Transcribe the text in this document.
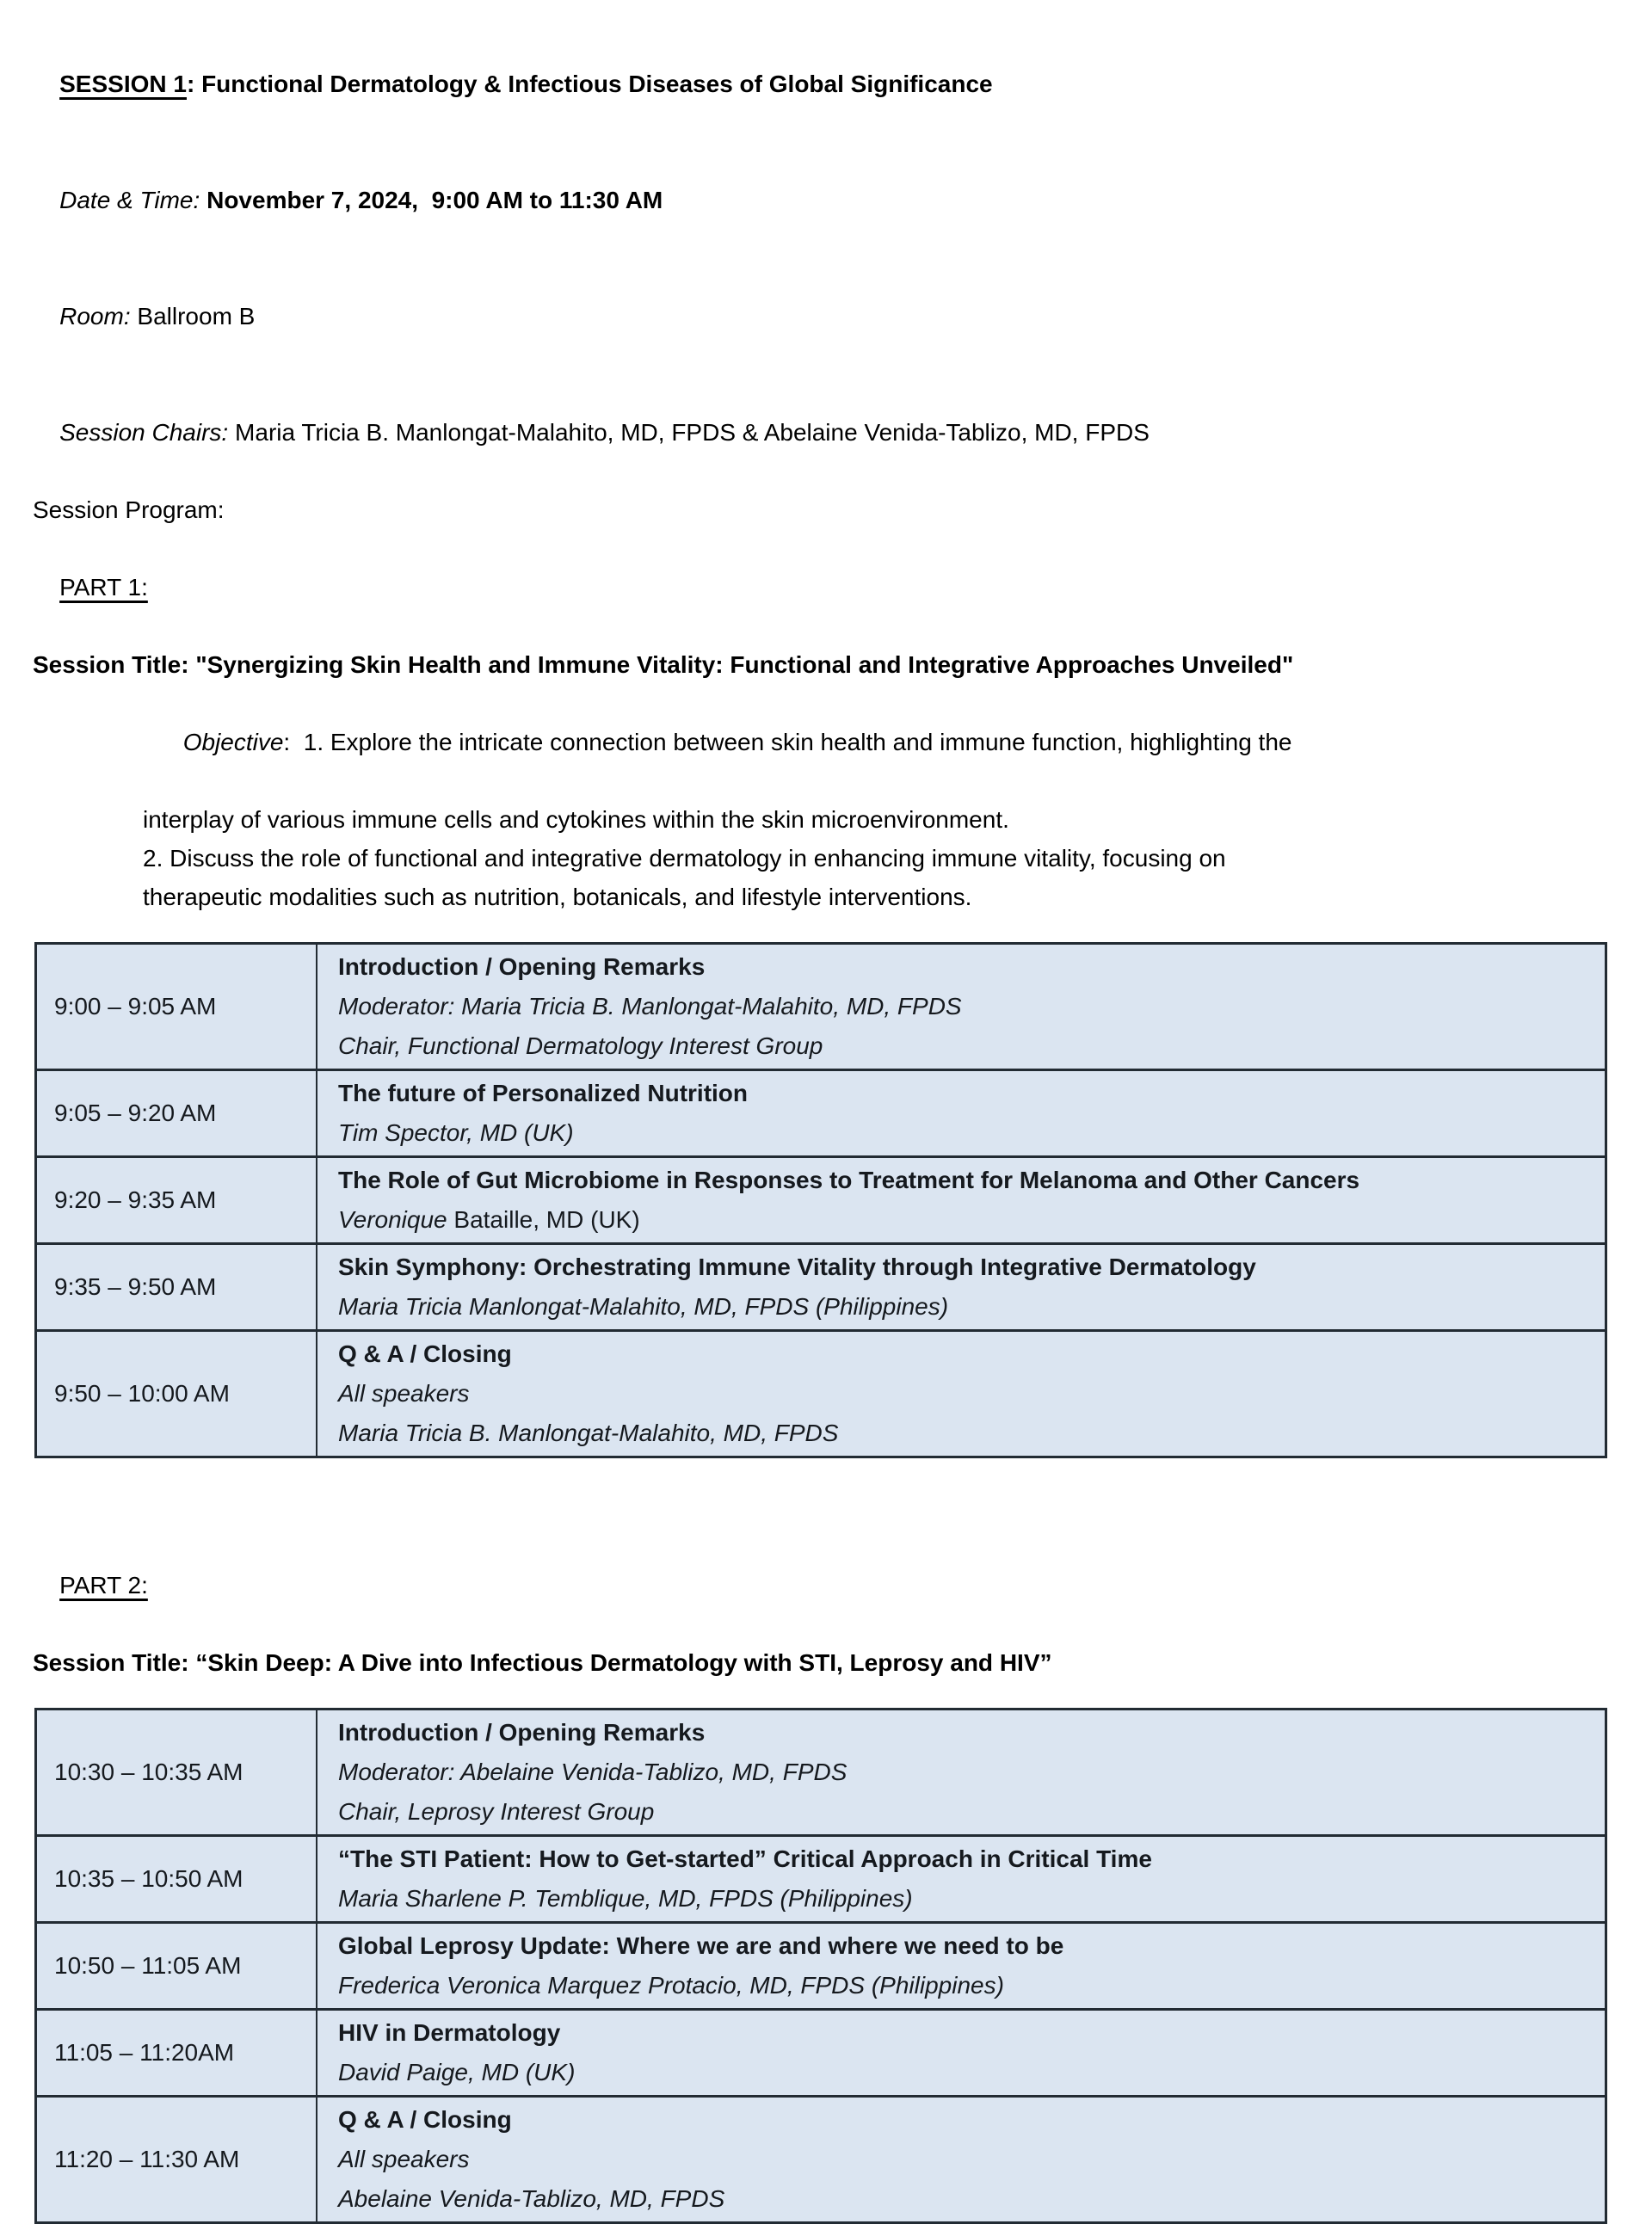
SESSION 1: Functional Dermatology & Infectious Diseases of Global Significance

Date & Time: November 7, 2024,  9:00 AM to 11:30 AM

Room: Ballroom B

Session Chairs: Maria Tricia B. Manlongat-Malahito, MD, FPDS & Abelaine Venida-Tablizo, MD, FPDS

Session Program:

PART 1:

Session Title: "Synergizing Skin Health and Immune Vitality: Functional and Integrative Approaches Unveiled"

Objective:  1. Explore the intricate connection between skin health and immune function, highlighting the

interplay of various immune cells and cytokines within the skin microenvironment.
2. Discuss the role of functional and integrative dermatology in enhancing immune vitality, focusing on
therapeutic modalities such as nutrition, botanicals, and lifestyle interventions.
9:00 – 9:05 AM	Introduction / Opening Remarks
Moderator: Maria Tricia B. Manlongat-Malahito, MD, FPDS
Chair, Functional Dermatology Interest Group

9:05 – 9:20 AM	The future of Personalized Nutrition
Tim Spector, MD (UK)

9:20 – 9:35 AM	The Role of Gut Microbiome in Responses to Treatment for Melanoma and Other Cancers
Veronique Bataille, MD (UK)

9:35 – 9:50 AM	Skin Symphony: Orchestrating Immune Vitality through Integrative Dermatology
Maria Tricia Manlongat-Malahito, MD, FPDS (Philippines)

9:50 – 10:00 AM	Q & A / Closing
All speakers
Maria Tricia B. Manlongat-Malahito, MD, FPDS

PART 2:

Session Title: “Skin Deep: A Dive into Infectious Dermatology with STI, Leprosy and HIV”
10:30 – 10:35 AM	Introduction / Opening Remarks
Moderator: Abelaine Venida-Tablizo, MD, FPDS
Chair, Leprosy Interest Group

10:35 – 10:50 AM	“The STI Patient: How to Get-started” Critical Approach in Critical Time
Maria Sharlene P. Temblique, MD, FPDS (Philippines)

10:50 – 11:05 AM	Global Leprosy Update: Where we are and where we need to be
Frederica Veronica Marquez Protacio, MD, FPDS (Philippines)

11:05 – 11:20AM	HIV in Dermatology
David Paige, MD (UK)

11:20 – 11:30 AM	Q & A / Closing
All speakers
Abelaine Venida-Tablizo, MD, FPDS
